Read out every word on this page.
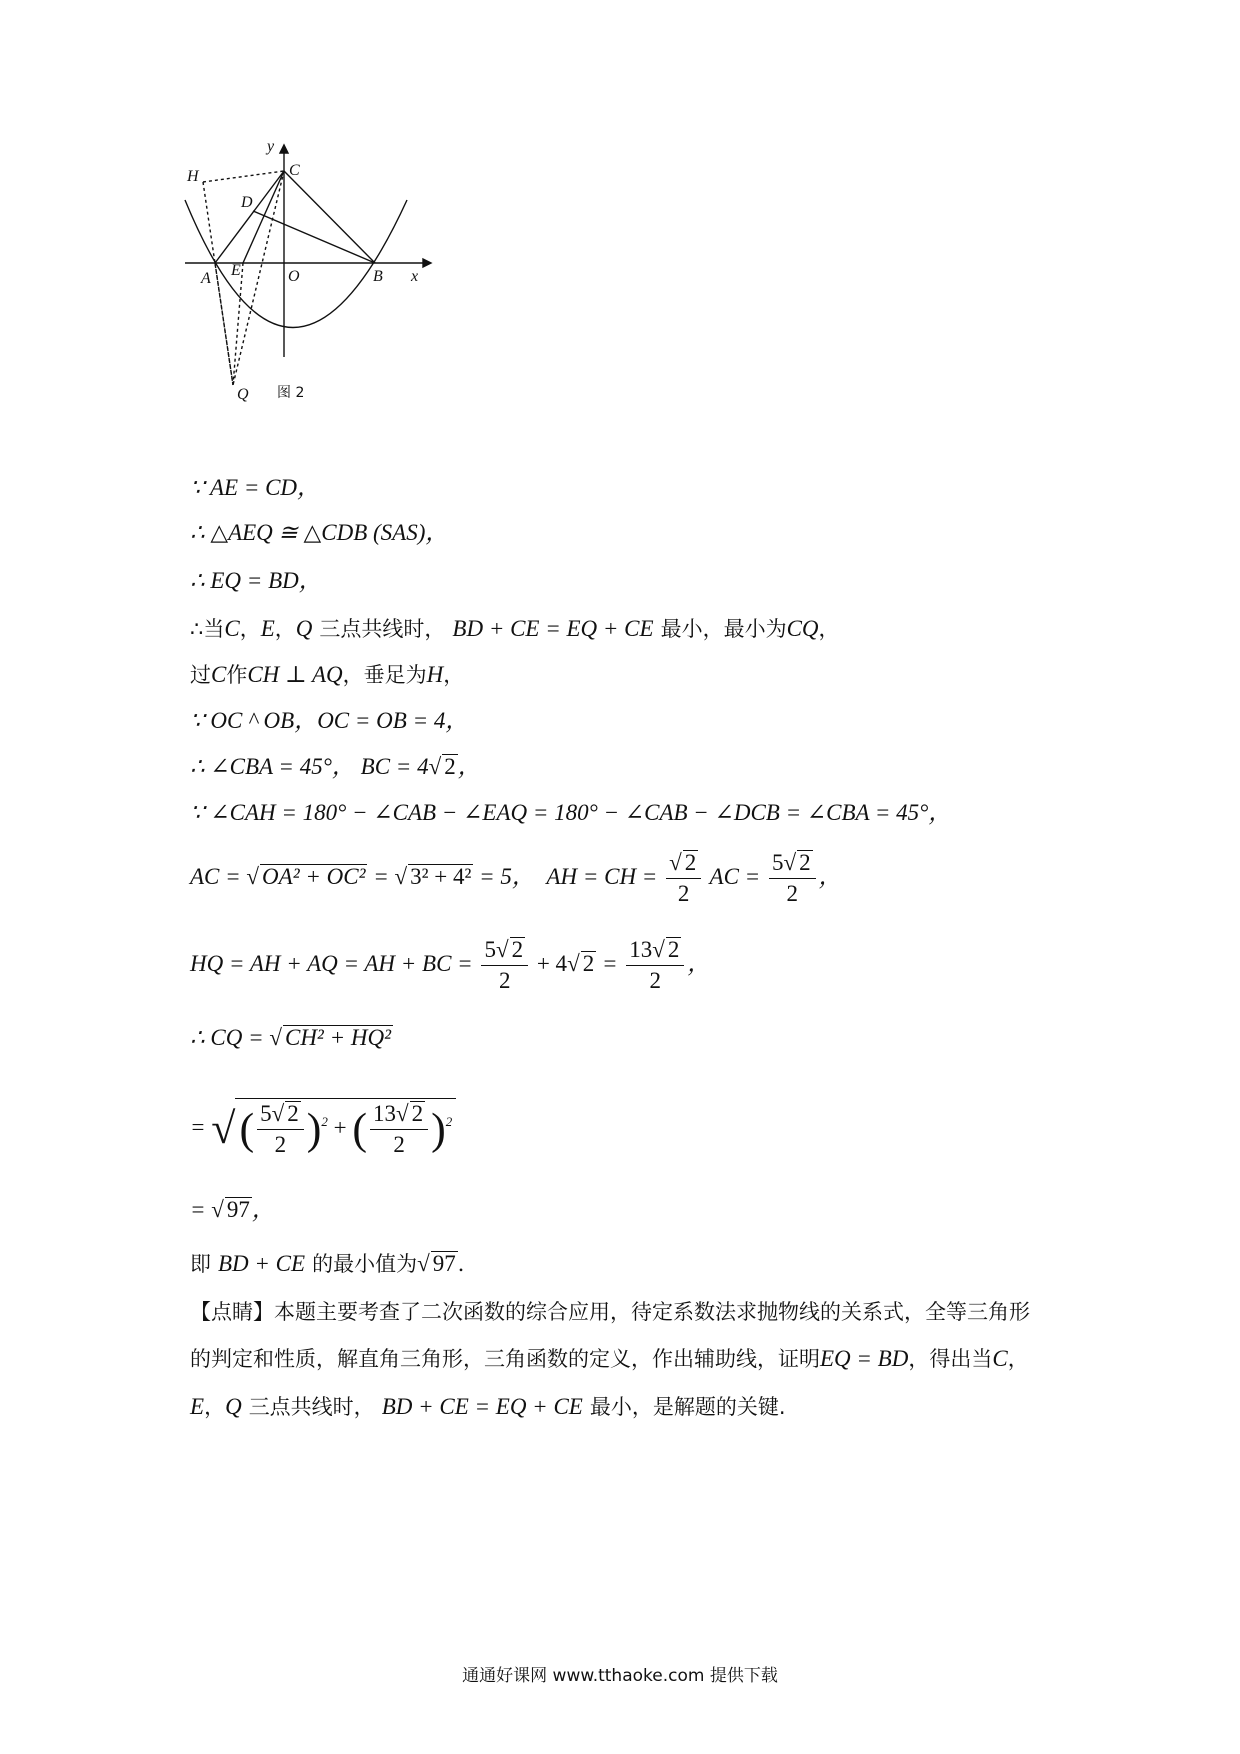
y
x
C
H
D
A E	O	B
Q 图 2
∵ AE = CD，
∴ △AEQ ≅ △CDB (SAS)，
∴ EQ = BD，
∴当C，E，Q 三点共线时， BD + CE = EQ + CE 最小，最小为CQ，
过C作CH ⊥ AQ，垂足为H，
∵ OC ^ OB，OC = OB = 4，
∴ ∠CBA = 45°， BC = 4√ 2，
∵ ∠CAH = 180° − ∠CAB − ∠EAQ = 180° − ∠CAB − ∠DCB = ∠CBA = 45°，
AC = √ OA² + OC² = √ 3² + 4² = 5， AH = CH = $\frac{√ 2}{2}$ AC = $\frac{5√ 2}{2}$ ，
HQ = AH + AQ = AH + BC = $\frac{5√ 2}{2} + 4√$ $2 = \frac{13√ 2}{2}$ ，
∴ CQ = √ CH² + HQ²
= √( $\frac{5√ 2}{2} )^2$ + ( $\frac{13√ 2}{2} )^2$
= √ 97，
即 BD + CE 的最小值为√ 97．
【点睛】本题主要考查了二次函数的综合应用，待定系数法求抛物线的关系式，全等三角形
的判定和性质，解直角三角形，三角函数的定义，作出辅助线，证明EQ = BD，得出当C，
E，Q 三点共线时， BD + CE = EQ + CE 最小，是解题的关键.
通通好课网 www.tthaoke.com 提供下载
